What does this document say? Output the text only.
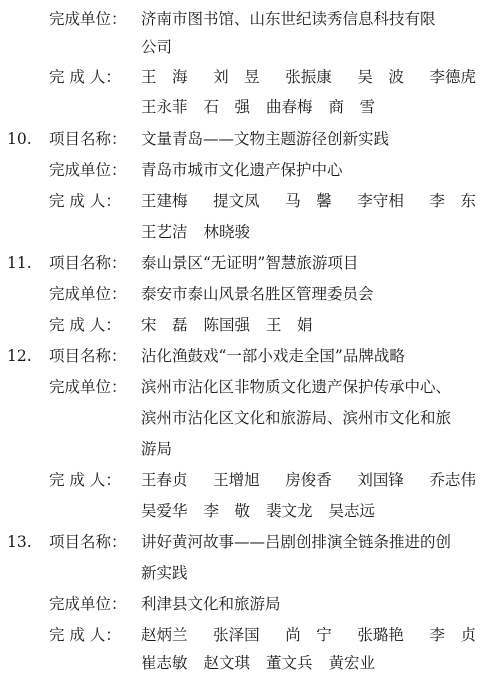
完成单位： 济南市图书馆、山东世纪读秀信息科技有限
公司
完 成 人：	王　海 刘　昱 张振康 吴　波 李德虎
王永菲 石　强 曲春梅 商　雪
10. 项目名称： 文量青岛——文物主题游径创新实践
完成单位： 青岛市城市文化遗产保护中心
完 成 人：	王建梅 提文凤 马　馨 李守相 李　东
王艺洁 林晓骏
11. 项目名称： 泰山景区“无证明”智慧旅游项目
完成单位： 泰安市泰山风景名胜区管理委员会
完 成 人：	宋　磊 陈国强 王　娟
12. 项目名称： 沾化渔鼓戏“一部小戏走全国”品牌战略
完成单位： 滨州市沾化区非物质文化遗产保护传承中心、
滨州市沾化区文化和旅游局、滨州市文化和旅
游局
完 成 人：	王春贞 王增旭 房俊香 刘国锋 乔志伟
吴爱华 李　敬 裴文龙 吴志远
13. 项目名称： 讲好黄河故事——吕剧创排演全链条推进的创
新实践
完成单位： 利津县文化和旅游局
完 成 人：	赵炳兰 张泽国 尚　宁 张璐艳 李　贞
崔志敏 赵文琪 董文兵 黄宏业
